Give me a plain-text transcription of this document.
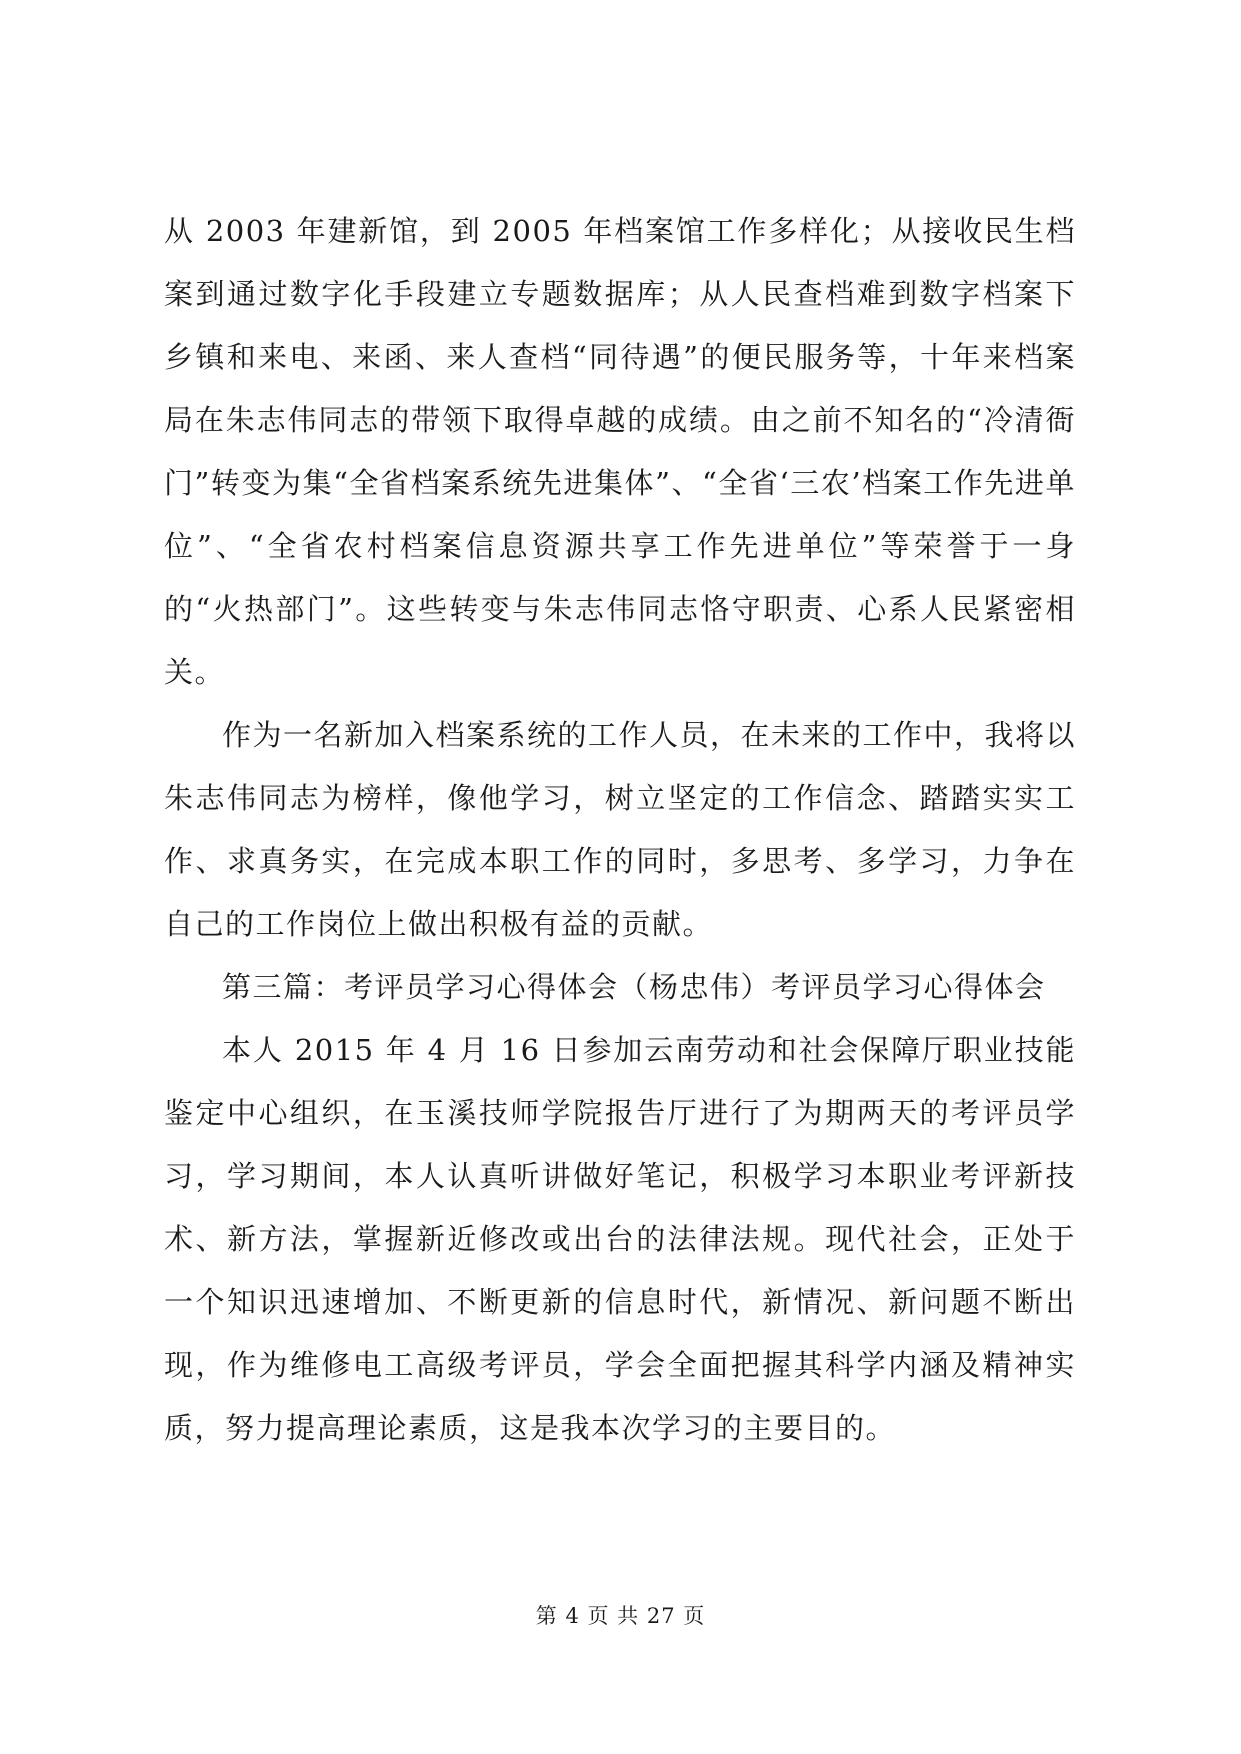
从 2003 年建新馆，到 2005 年档案馆工作多样化；从接收民生档案到通过数字化手段建立专题数据库；从人民查档难到数字档案下乡镇和来电、来函、来人查档“同待遇”的便民服务等，十年来档案局在朱志伟同志的带领下取得卓越的成绩。由之前不知名的“冷清衙门”转变为集“全省档案系统先进集体”、“全省‘三农’档案工作先进单位”、“全省农村档案信息资源共享工作先进单位”等荣誉于一身的“火热部门”。这些转变与朱志伟同志恪守职责、心系人民紧密相关。

作为一名新加入档案系统的工作人员，在未来的工作中，我将以朱志伟同志为榜样，像他学习，树立坚定的工作信念、踏踏实实工作、求真务实，在完成本职工作的同时，多思考、多学习，力争在自己的工作岗位上做出积极有益的贡献。

第三篇：考评员学习心得体会（杨忠伟）考评员学习心得体会

本人 2015 年 4 月 16 日参加云南劳动和社会保障厅职业技能鉴定中心组织，在玉溪技师学院报告厅进行了为期两天的考评员学习，学习期间，本人认真听讲做好笔记，积极学习本职业考评新技术、新方法，掌握新近修改或出台的法律法规。现代社会，正处于一个知识迅速增加、不断更新的信息时代，新情况、新问题不断出现，作为维修电工高级考评员，学会全面把握其科学内涵及精神实质，努力提高理论素质，这是我本次学习的主要目的。

第 4 页 共 27 页
